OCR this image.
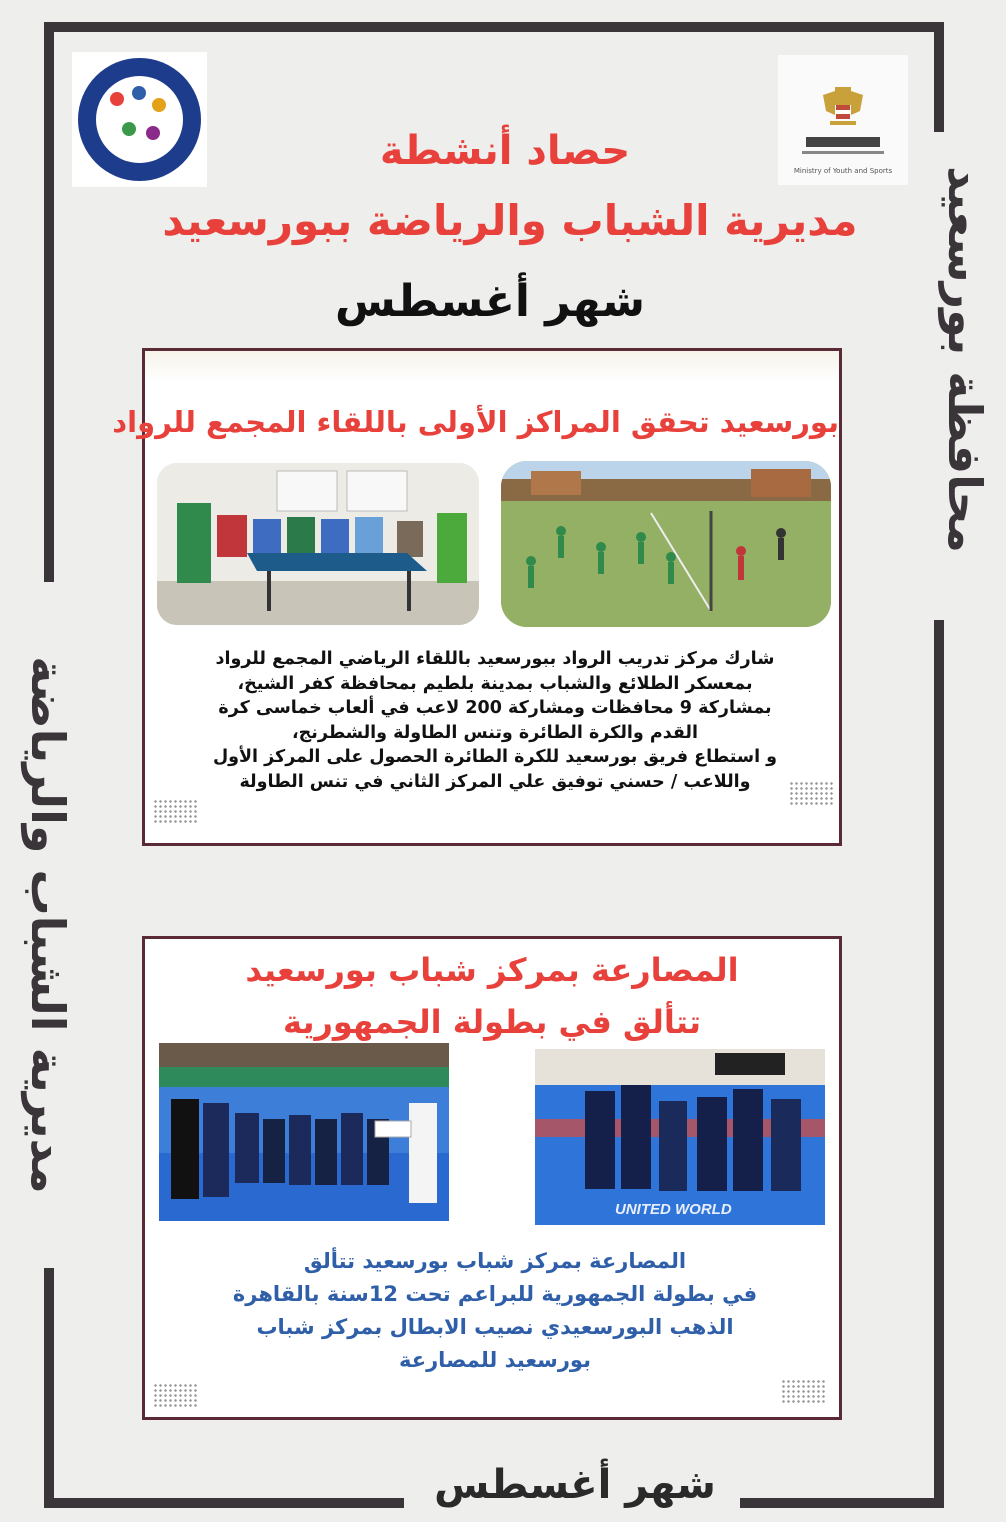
Ministry of Youth and Sports
حصاد أنشطة
مديرية الشباب والرياضة ببورسعيد
شهر أغسطس	محافظة بورسعيد
مديرية الشباب والرياضة
بورسعيد تحقق المراكز الأولى باللقاء المجمع للرواد
شارك مركز تدريب الرواد ببورسعيد باللقاء الرياضي المجمع للرواد
بمعسكر الطلائع والشباب بمدينة بلطيم بمحافظة كفر الشيخ،
بمشاركة 9 محافظات ومشاركة 200 لاعب في ألعاب خماسى كرة
القدم والكرة الطائرة وتنس الطاولة والشطرنج،
و استطاع فريق بورسعيد للكرة الطائرة الحصول على المركز الأول
واللاعب / حسني توفيق علي المركز الثاني في تنس الطاولة
المصارعة بمركز شباب بورسعيد
تتألق في بطولة الجمهورية
UNITED WORLD
المصارعة بمركز شباب بورسعيد تتألق
في بطولة الجمهورية للبراعم تحت 12سنة بالقاهرة
الذهب البورسعيدي نصيب الابطال بمركز شباب
بورسعيد للمصارعة
شهر أغسطس
